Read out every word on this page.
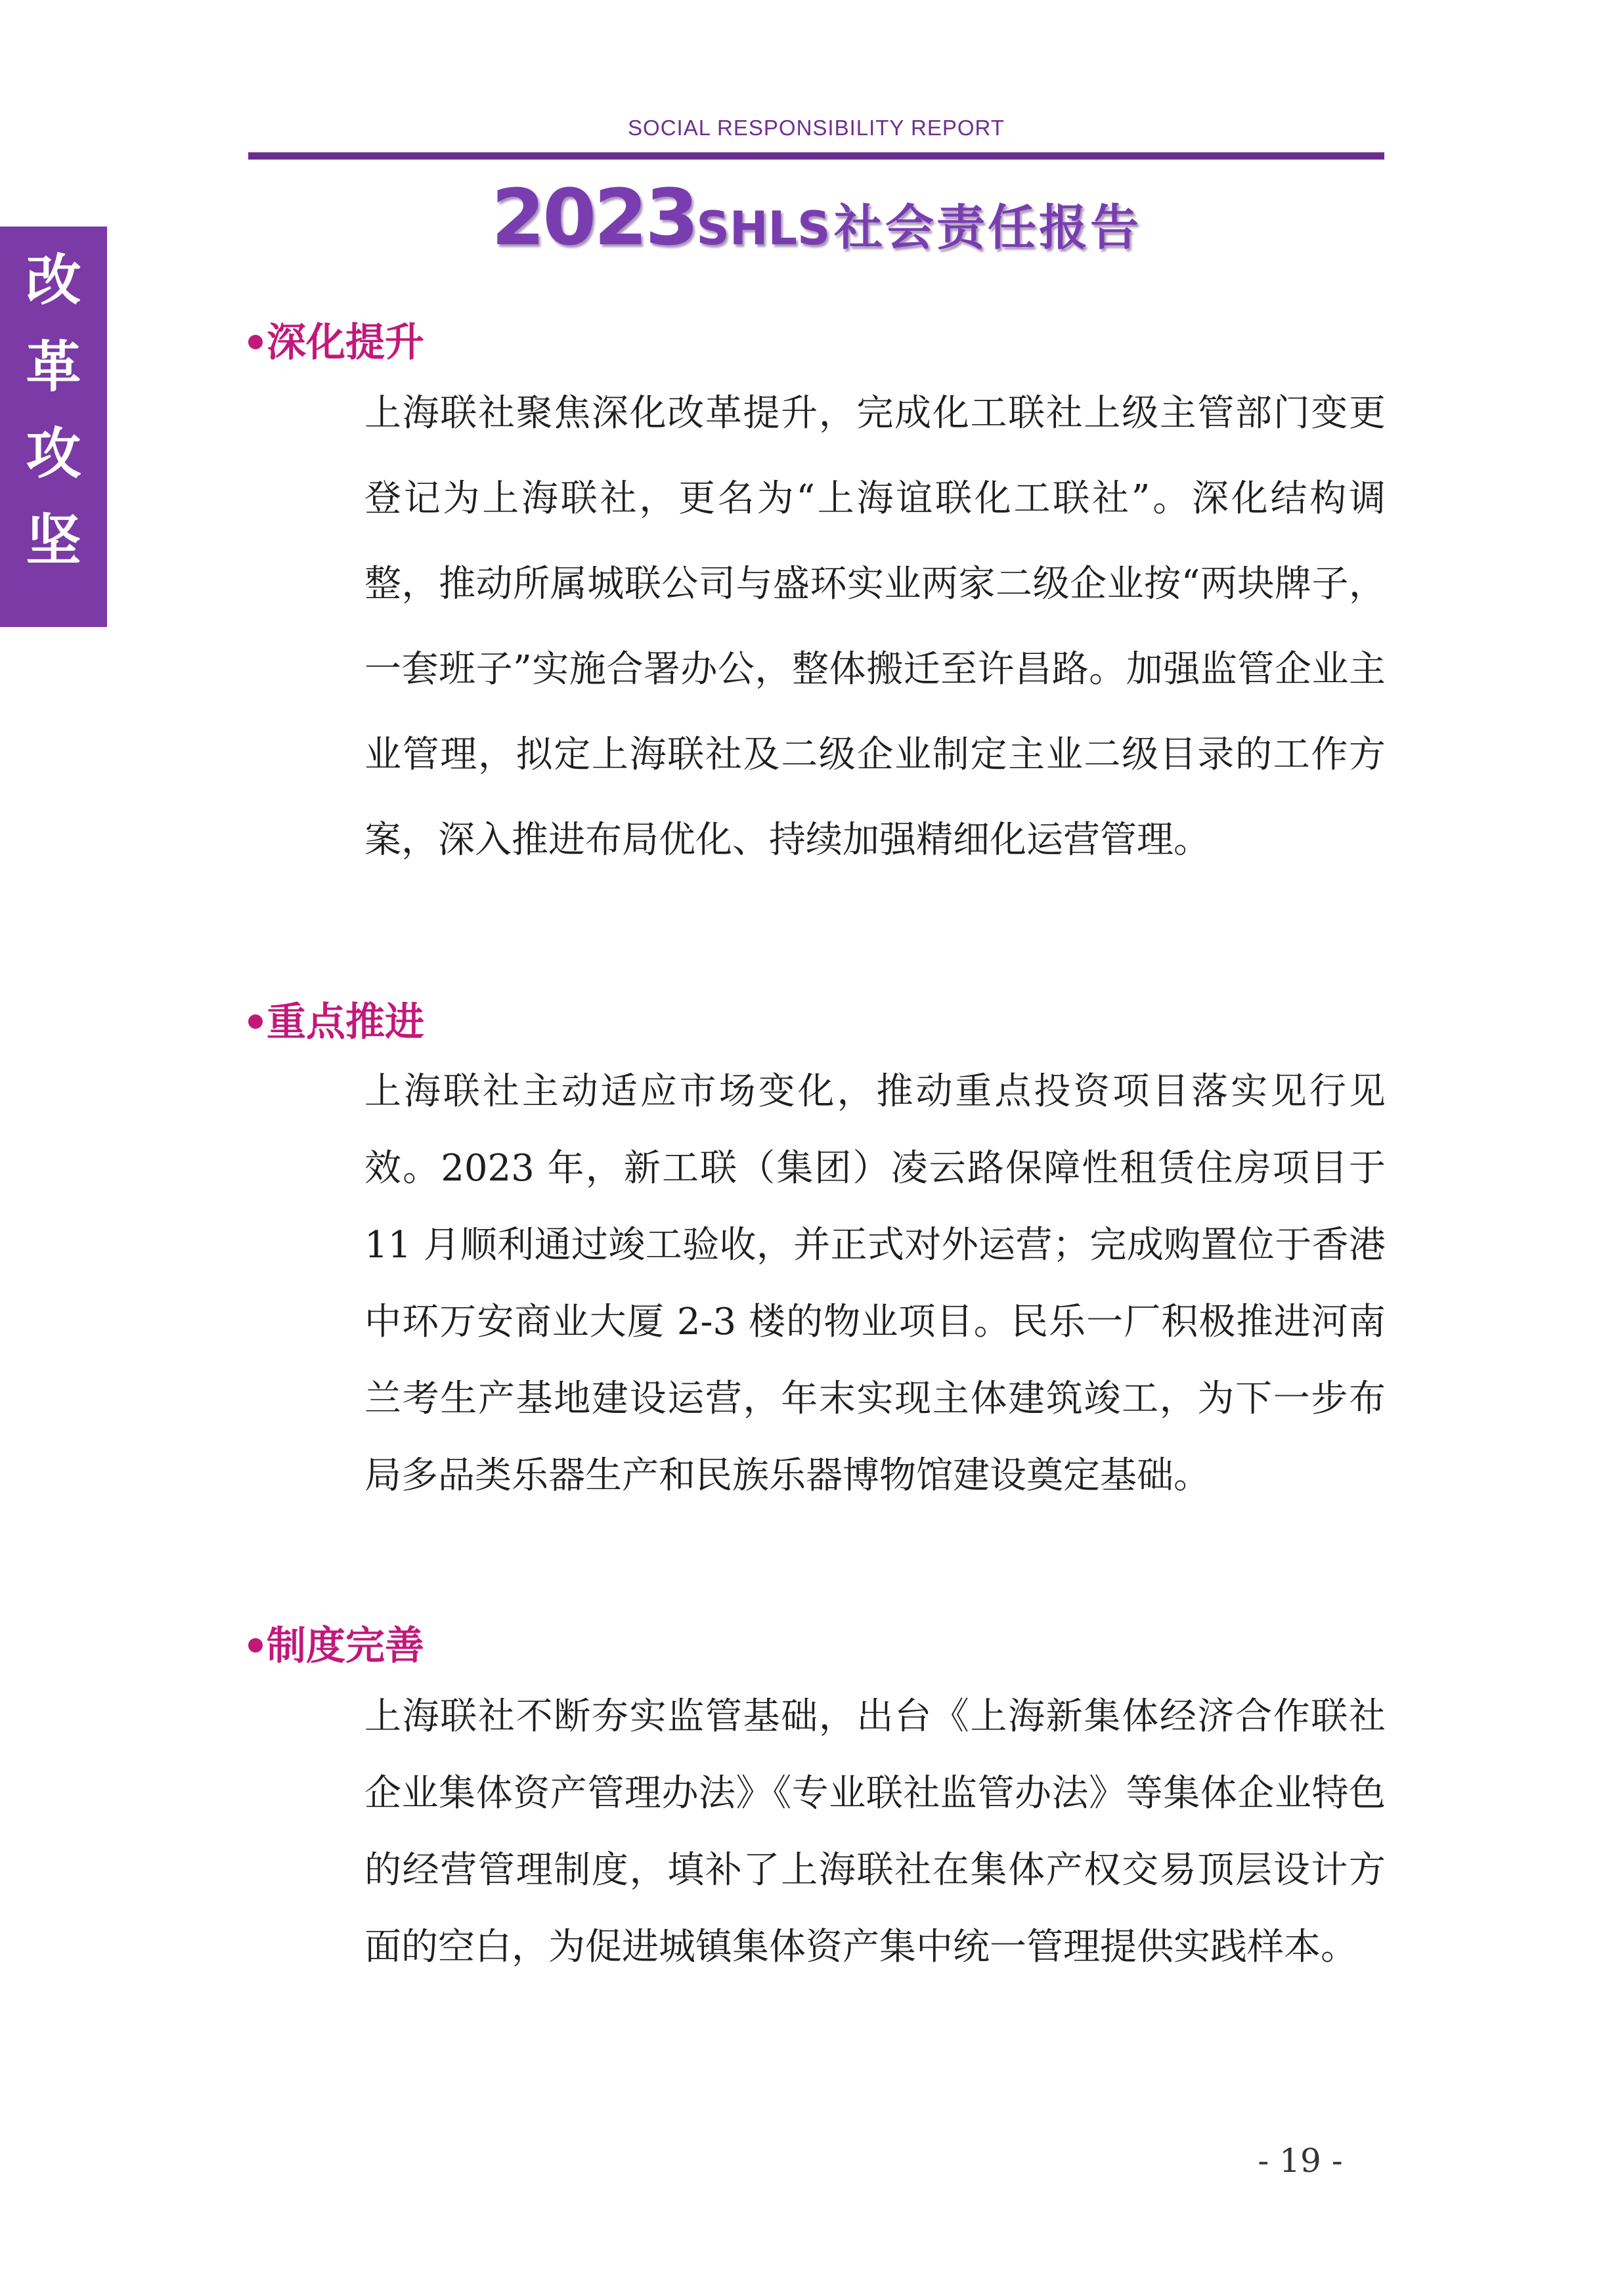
SOCIAL RESPONSIBILITY REPORT
2023SHLS 社会责任报告
改
革
攻
坚
深化提升
上海联社聚焦深化改革提升，完成化工联社上级主管部门变更登记为上海联社，更名为“上海谊联化工联社”。深化结构调整，推动所属城联公司与盛环实业两家二级企业按“两块牌子，一套班子”实施合署办公，整体搬迁至许昌路。加强监管企业主业管理，拟定上海联社及二级企业制定主业二级目录的工作方案，深入推进布局优化、持续加强精细化运营管理。
重点推进
上海联社主动适应市场变化，推动重点投资项目落实见行见效。2023 年，新工联（集团）凌云路保障性租赁住房项目于 11 月顺利通过竣工验收，并正式对外运营；完成购置位于香港中环万安商业大厦 2-3 楼的物业项目。民乐一厂积极推进河南兰考生产基地建设运营，年末实现主体建筑竣工，为下一步布局多品类乐器生产和民族乐器博物馆建设奠定基础。
制度完善
上海联社不断夯实监管基础，出台《上海新集体经济合作联社企业集体资产管理办法》《专业联社监管办法》等集体企业特色的经营管理制度，填补了上海联社在集体产权交易顶层设计方面的空白，为促进城镇集体资产集中统一管理提供实践样本。
- 19 -
